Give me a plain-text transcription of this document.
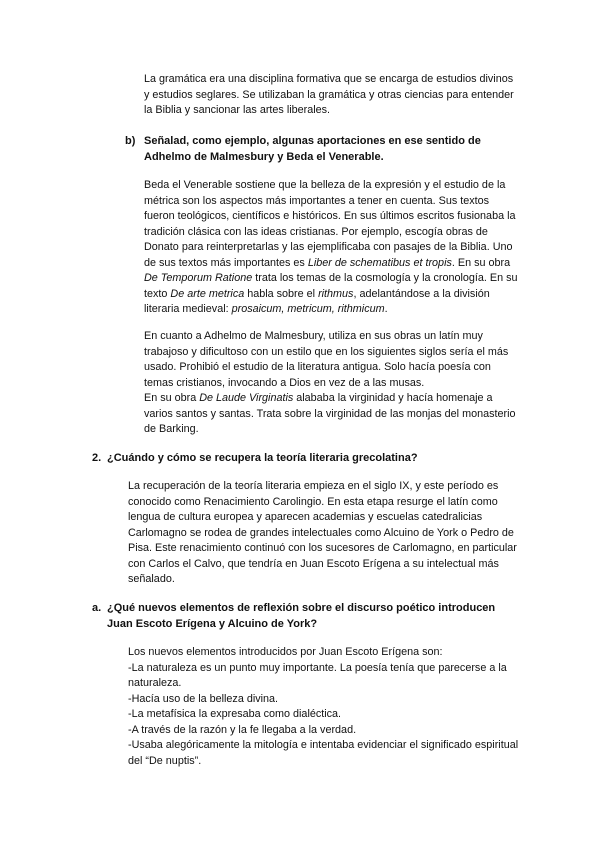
La gramática era una disciplina formativa que se encarga de estudios divinos y estudios seglares. Se utilizaban la gramática y otras ciencias para entender la Biblia y sancionar las artes liberales.

b) Señalad, como ejemplo, algunas aportaciones en ese sentido de Adhelmo de Malmesbury y Beda el Venerable.

Beda el Venerable sostiene que la belleza de la expresión y el estudio de la métrica son los aspectos más importantes a tener en cuenta. Sus textos fueron teológicos, científicos e históricos. En sus últimos escritos fusionaba la tradición clásica con las ideas cristianas. Por ejemplo, escogía obras de Donato para reinterpretarlas y las ejemplificaba con pasajes de la Biblia. Uno de sus textos más importantes es Liber de schematibus et tropis. En su obra De Temporum Ratione trata los temas de la cosmología y la cronología. En su texto De arte metrica habla sobre el rithmus, adelantándose a la división literaria medieval: prosaicum, metricum, rithmicum.

En cuanto a Adhelmo de Malmesbury, utiliza en sus obras un latín muy trabajoso y dificultoso con un estilo que en los siguientes siglos sería el más usado. Prohibió el estudio de la literatura antigua. Solo hacía poesía con temas cristianos, invocando a Dios en vez de a las musas.

En su obra De Laude Virginatis alababa la virginidad y hacía homenaje a varios santos y santas. Trata sobre la virginidad de las monjas del monasterio de Barking.

2. ¿Cuándo y cómo se recupera la teoría literaria grecolatina?

La recuperación de la teoría literaria empieza en el siglo IX, y este período es conocido como Renacimiento Carolingio. En esta etapa resurge el latín como lengua de cultura europea y aparecen academias y escuelas catedralicias Carlomagno se rodea de grandes intelectuales como Alcuino de York o Pedro de Pisa. Este renacimiento continuó con los sucesores de Carlomagno, en particular con Carlos el Calvo, que tendría en Juan Escoto Erígena a su intelectual más señalado.

a. ¿Qué nuevos elementos de reflexión sobre el discurso poético introducen Juan Escoto Erígena y Alcuino de York?

Los nuevos elementos introducidos por Juan Escoto Erígena son:

-La naturaleza es un punto muy importante. La poesía tenía que parecerse a la naturaleza.

-Hacía uso de la belleza divina.

-La metafísica la expresaba como dialéctica.

-A través de la razón y la fe llegaba a la verdad.

-Usaba alegóricamente la mitología e intentaba evidenciar el significado espiritual del “De nuptis”.
